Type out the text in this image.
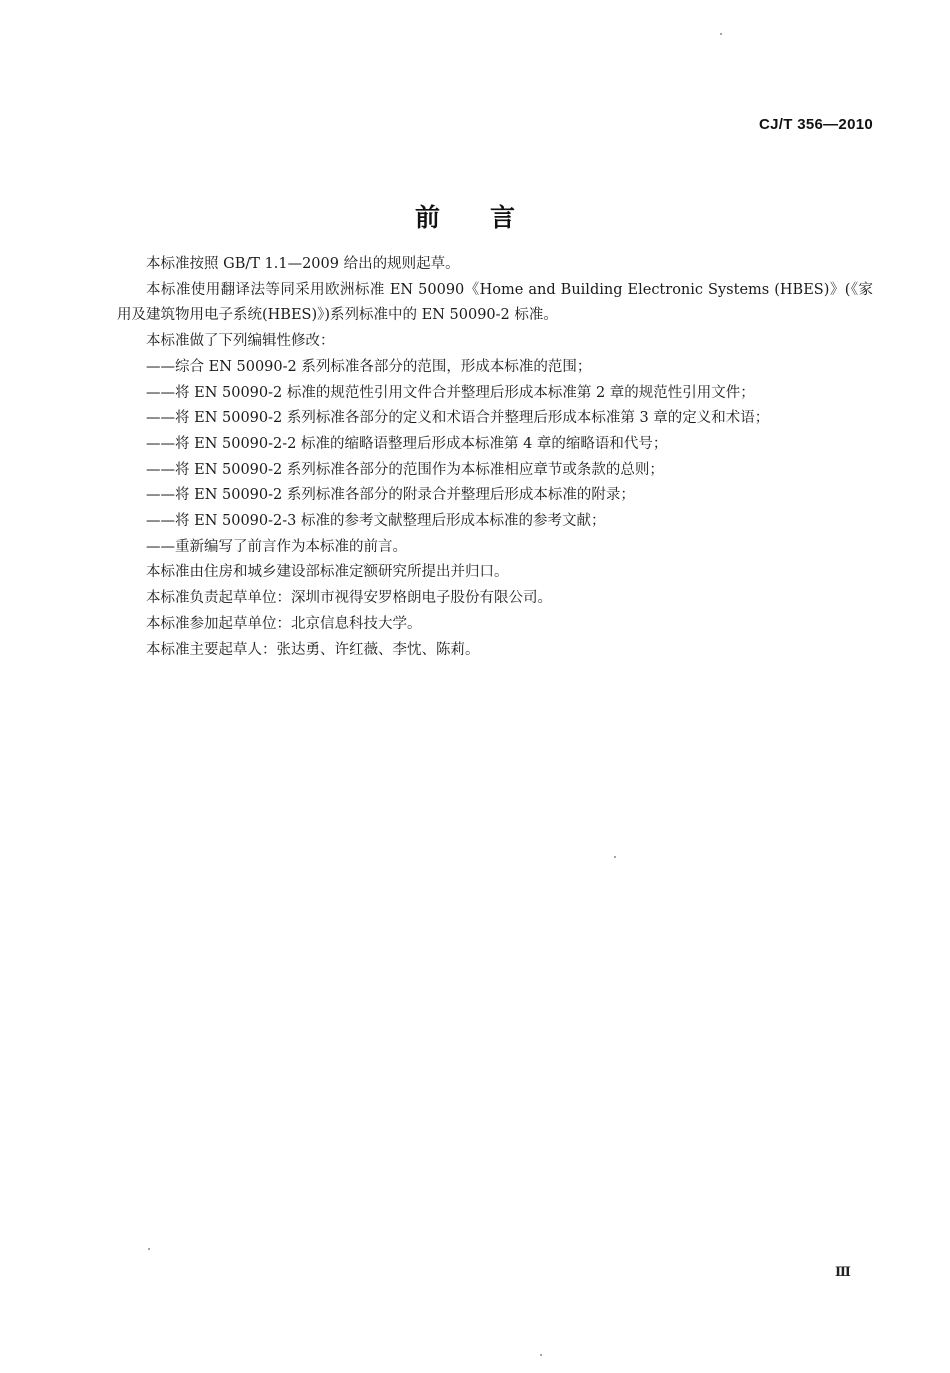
CJ/T 356—2010
前言

本标准按照 GB/T 1.1—2009 给出的规则起草。

本标准使用翻译法等同采用欧洲标准 EN 50090《Home and Building Electronic Systems (HBES)》(《家用及建筑物用电子系统(HBES)》)系列标准中的 EN 50090-2 标准。

本标准做了下列编辑性修改：

——综合 EN 50090-2 系列标准各部分的范围，形成本标准的范围；

——将 EN 50090-2 标准的规范性引用文件合并整理后形成本标准第 2 章的规范性引用文件；

——将 EN 50090-2 系列标准各部分的定义和术语合并整理后形成本标准第 3 章的定义和术语；

——将 EN 50090-2-2 标准的缩略语整理后形成本标准第 4 章的缩略语和代号；

——将 EN 50090-2 系列标准各部分的范围作为本标准相应章节或条款的总则；

——将 EN 50090-2 系列标准各部分的附录合并整理后形成本标准的附录；

——将 EN 50090-2-3 标准的参考文献整理后形成本标准的参考文献；

——重新编写了前言作为本标准的前言。

本标准由住房和城乡建设部标准定额研究所提出并归口。

本标准负责起草单位：深圳市视得安罗格朗电子股份有限公司。

本标准参加起草单位：北京信息科技大学。

本标准主要起草人：张达勇、许红薇、李忱、陈莉。

Ⅲ
